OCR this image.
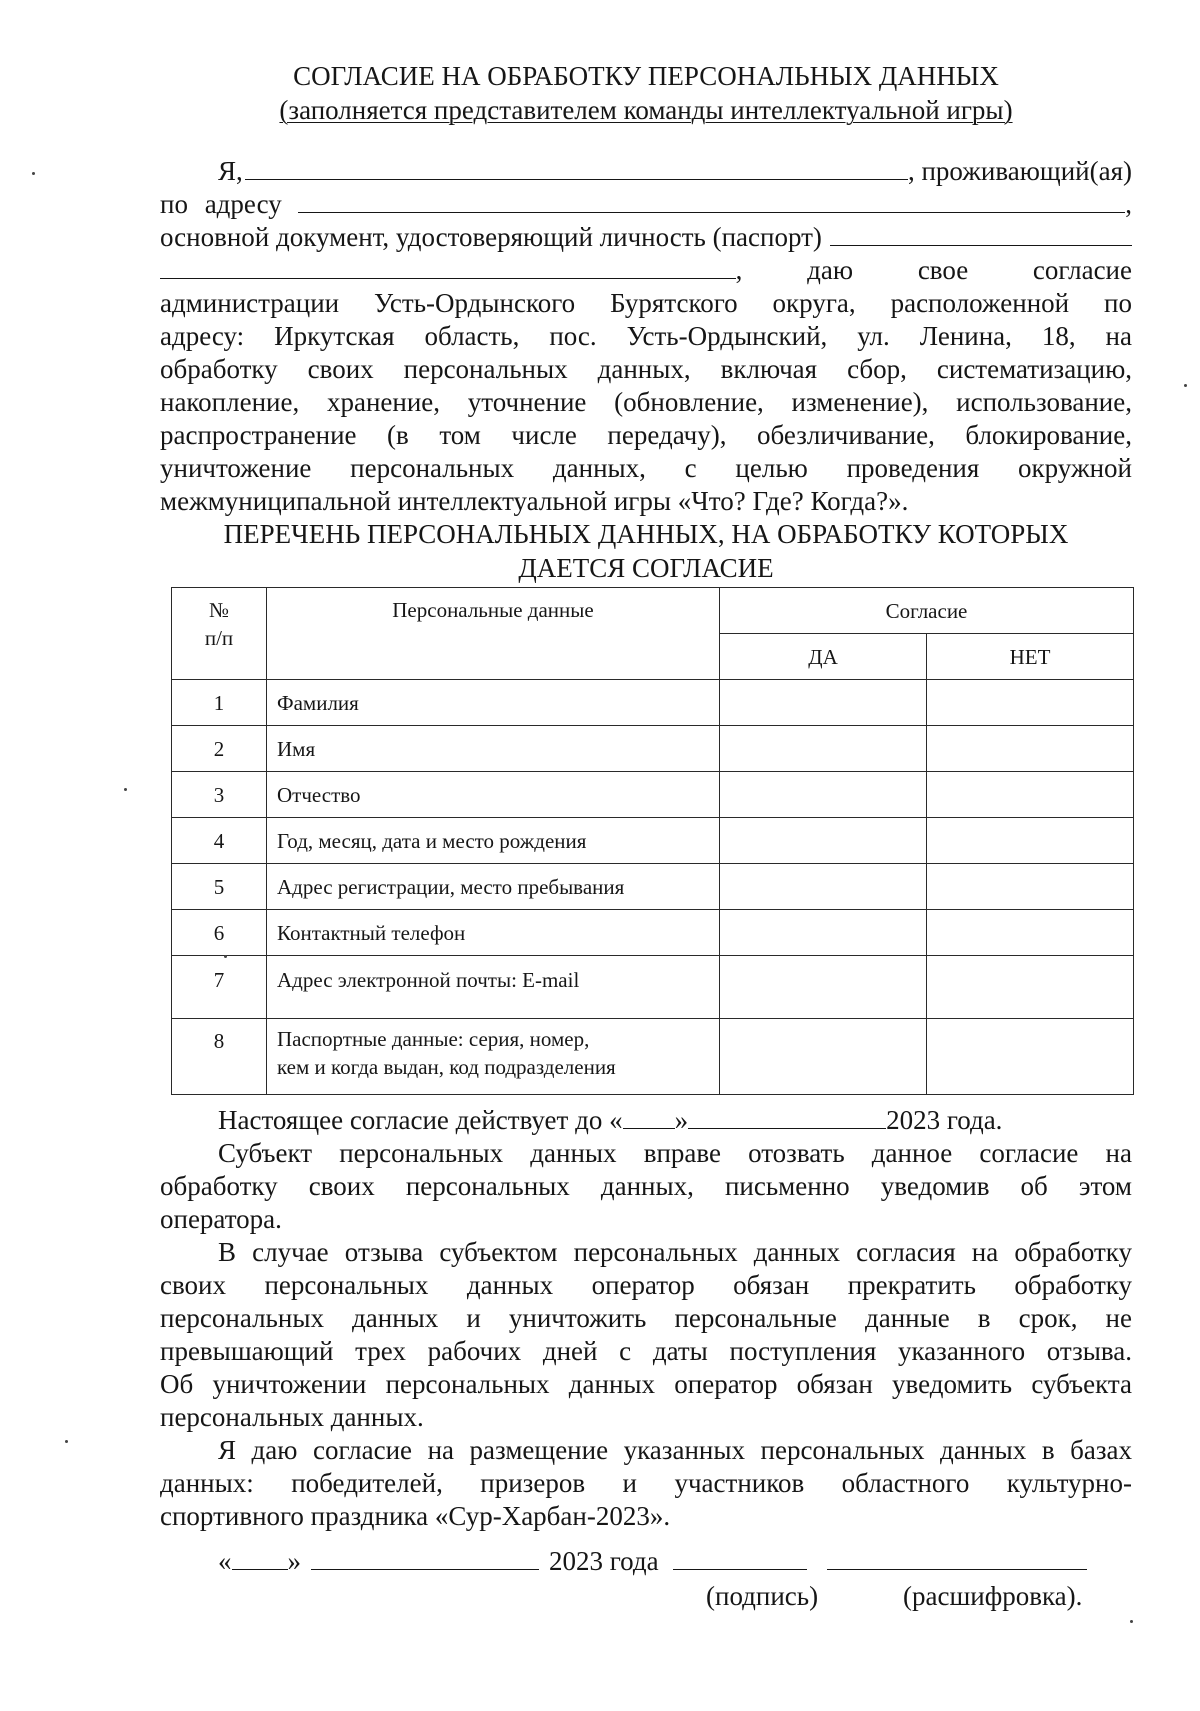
СОГЛАСИЕ НА ОБРАБОТКУ ПЕРСОНАЛЬНЫХ ДАННЫХ
(заполняется представителем команды интеллектуальной игры)
Я,	, проживающий(ая)
по адресу	,
основной документ, удостоверяющий личность (паспорт)
, даю свое согласие
администрации Усть-Ордынского Бурятского округа, расположенной по
адресу: Иркутская область, пос. Усть-Ордынский, ул. Ленина, 18, на
обработку своих персональных данных, включая сбор, систематизацию,
накопление, хранение, уточнение (обновление, изменение), использование,
распространение (в том числе передачу), обезличивание, блокирование,
уничтожение персональных данных, с целью проведения окружной
межмуниципальной интеллектуальной игры «Что? Где? Когда?».
ПЕРЕЧЕНЬ ПЕРСОНАЛЬНЫХ ДАННЫХ, НА ОБРАБОТКУ КОТОРЫХ
ДАЕТСЯ СОГЛАСИЕ
№
п/п	Персональные данные	Согласие	
		ДА	НЕТ
1	Фамилия		
2	Имя		
3	Отчество		
4	Год, месяц, дата и место рождения		
5	Адрес регистрации, место пребывания		
6	Контактный телефон		
7	Адрес электронной почты: E-mail		
8	Паспортные данные: серия, номер,
кем и когда выдан, код подразделения		

Настоящее согласие действует до « »	2023 года.
Субъект персональных данных вправе отозвать данное согласие на
обработку своих персональных данных, письменно уведомив об этом
оператора.
В случае отзыва субъектом персональных данных согласия на обработку
своих персональных данных оператор обязан прекратить обработку
персональных данных и уничтожить персональные данные в срок, не
превышающий трех рабочих дней с даты поступления указанного отзыва.
Об уничтожении персональных данных оператор обязан уведомить субъекта
персональных данных.
Я даю согласие на размещение указанных персональных данных в базах
данных: победителей, призеров и участников областного культурно-
спортивного праздника «Сур-Харбан-2023».
« »	2023 года
(подпись)	(расшифровка).
